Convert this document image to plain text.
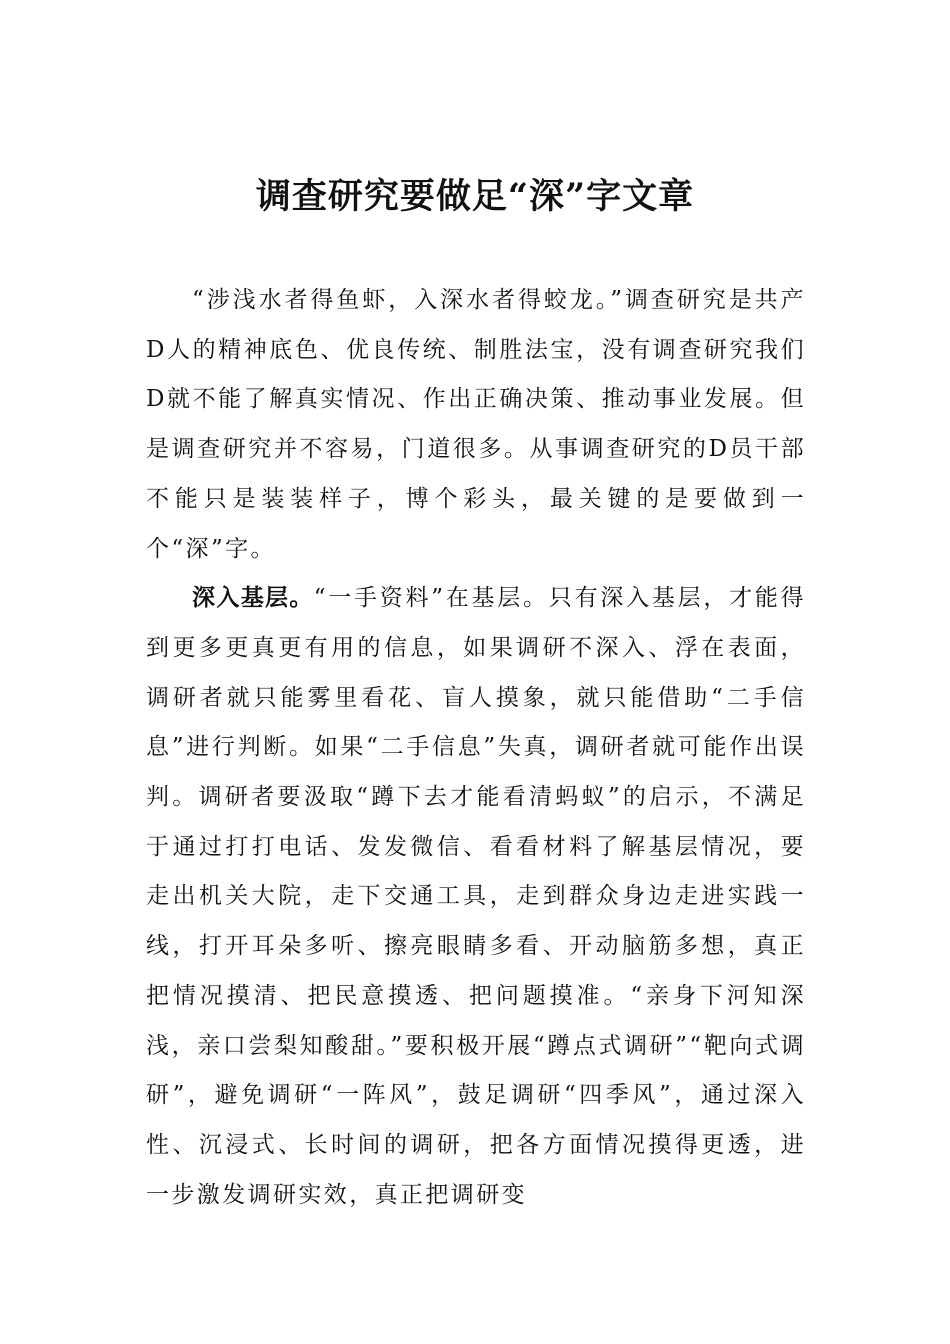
调查研究要做足“深”字文章

“涉浅水者得鱼虾，入深水者得蛟龙。”调查研究是共产D人的精神底色、优良传统、制胜法宝，没有调查研究我们D就不能了解真实情况、作出正确决策、推动事业发展。但是调查研究并不容易，门道很多。从事调查研究的D员干部不能只是装装样子，博个彩头，最关键的是要做到一个“深”字。

深入基层。“一手资料”在基层。只有深入基层，才能得到更多更真更有用的信息，如果调研不深入、浮在表面，调研者就只能雾里看花、盲人摸象，就只能借助“二手信息”进行判断。如果“二手信息”失真，调研者就可能作出误判。调研者要汲取“蹲下去才能看清蚂蚁”的启示，不满足于通过打打电话、发发微信、看看材料了解基层情况，要走出机关大院，走下交通工具，走到群众身边走进实践一线，打开耳朵多听、擦亮眼睛多看、开动脑筋多想，真正把情况摸清、把民意摸透、把问题摸准。“亲身下河知深浅，亲口尝梨知酸甜。”要积极开展“蹲点式调研”“靶向式调研”，避免调研“一阵风”，鼓足调研“四季风”，通过深入性、沉浸式、长时间的调研，把各方面情况摸得更透，进一步激发调研实效，真正把调研变
